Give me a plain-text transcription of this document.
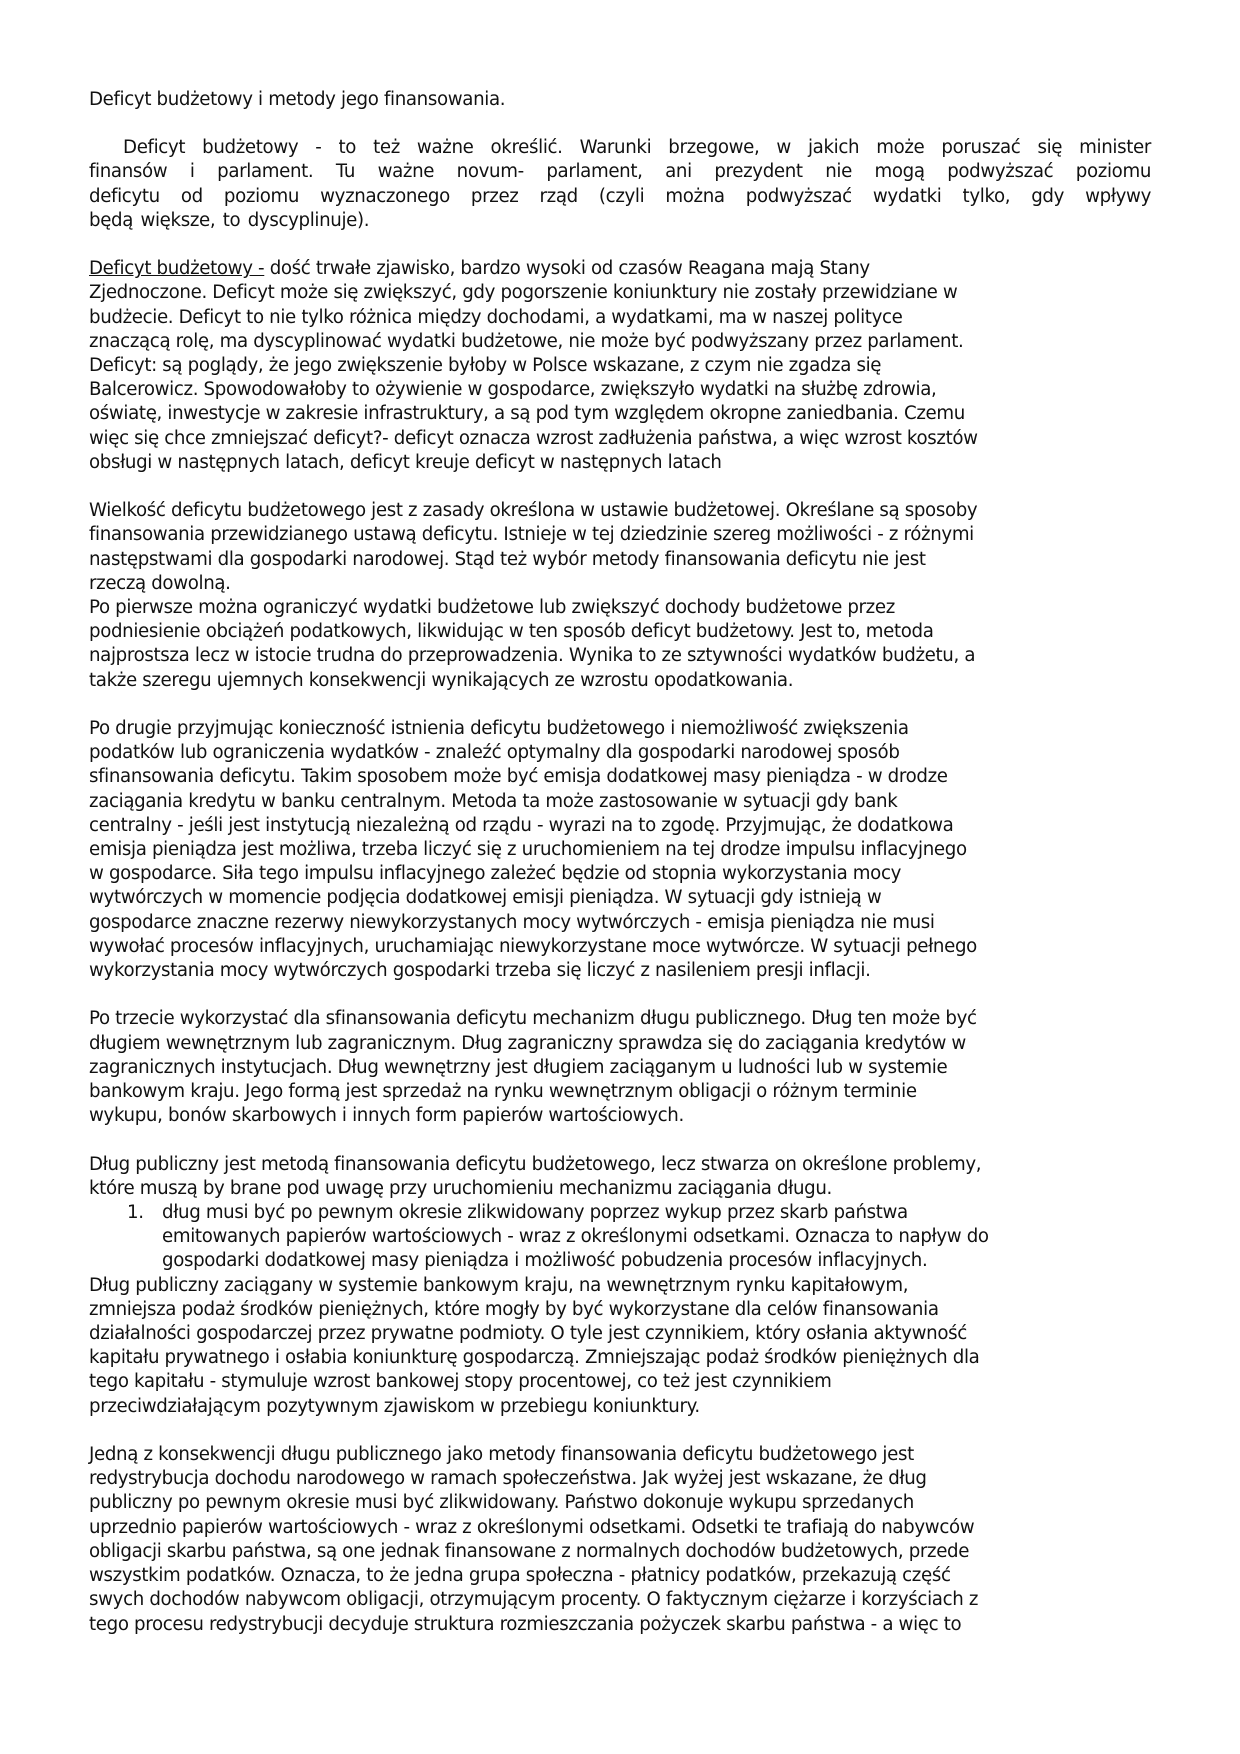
Deficyt budżetowy i metody jego finansowania.
Deficyt budżetowy - to też ważne określić. Warunki brzegowe, w jakich może poruszać się minister
finansów i parlament. Tu ważne novum- parlament, ani prezydent nie mogą podwyższać poziomu
deficytu od poziomu wyznaczonego przez rząd (czyli można podwyższać wydatki tylko, gdy wpływy
będą większe, to dyscyplinuje).
Deficyt budżetowy - dość trwałe zjawisko, bardzo wysoki od czasów Reagana mają Stany
Zjednoczone. Deficyt może się zwiększyć, gdy pogorszenie koniunktury nie zostały przewidziane w
budżecie. Deficyt to nie tylko różnica między dochodami, a wydatkami, ma w naszej polityce
znaczącą rolę, ma dyscyplinować wydatki budżetowe, nie może być podwyższany przez parlament.
Deficyt: są poglądy, że jego zwiększenie byłoby w Polsce wskazane, z czym nie zgadza się
Balcerowicz. Spowodowałoby to ożywienie w gospodarce, zwiększyło wydatki na służbę zdrowia,
oświatę, inwestycje w zakresie infrastruktury, a są pod tym względem okropne zaniedbania. Czemu
więc się chce zmniejszać deficyt?- deficyt oznacza wzrost zadłużenia państwa, a więc wzrost kosztów
obsługi w następnych latach, deficyt kreuje deficyt w następnych latach
Wielkość deficytu budżetowego jest z zasady określona w ustawie budżetowej. Określane są sposoby
finansowania przewidzianego ustawą deficytu. Istnieje w tej dziedzinie szereg możliwości - z różnymi
następstwami dla gospodarki narodowej. Stąd też wybór metody finansowania deficytu nie jest
rzeczą dowolną.
Po pierwsze można ograniczyć wydatki budżetowe lub zwiększyć dochody budżetowe przez
podniesienie obciążeń podatkowych, likwidując w ten sposób deficyt budżetowy. Jest to, metoda
najprostsza lecz w istocie trudna do przeprowadzenia. Wynika to ze sztywności wydatków budżetu, a
także szeregu ujemnych konsekwencji wynikających ze wzrostu opodatkowania.
Po drugie przyjmując konieczność istnienia deficytu budżetowego i niemożliwość zwiększenia
podatków lub ograniczenia wydatków - znaleźć optymalny dla gospodarki narodowej sposób
sfinansowania deficytu. Takim sposobem może być emisja dodatkowej masy pieniądza - w drodze
zaciągania kredytu w banku centralnym. Metoda ta może zastosowanie w sytuacji gdy bank
centralny - jeśli jest instytucją niezależną od rządu - wyrazi na to zgodę. Przyjmując, że dodatkowa
emisja pieniądza jest możliwa, trzeba liczyć się z uruchomieniem na tej drodze impulsu inflacyjnego
w gospodarce. Siła tego impulsu inflacyjnego zależeć będzie od stopnia wykorzystania mocy
wytwórczych w momencie podjęcia dodatkowej emisji pieniądza. W sytuacji gdy istnieją w
gospodarce znaczne rezerwy niewykorzystanych mocy wytwórczych - emisja pieniądza nie musi
wywołać procesów inflacyjnych, uruchamiając niewykorzystane moce wytwórcze. W sytuacji pełnego
wykorzystania mocy wytwórczych gospodarki trzeba się liczyć z nasileniem presji inflacji.
Po trzecie wykorzystać dla sfinansowania deficytu mechanizm długu publicznego. Dług ten może być
długiem wewnętrznym lub zagranicznym. Dług zagraniczny sprawdza się do zaciągania kredytów w
zagranicznych instytucjach. Dług wewnętrzny jest długiem zaciąganym u ludności lub w systemie
bankowym kraju. Jego formą jest sprzedaż na rynku wewnętrznym obligacji o różnym terminie
wykupu, bonów skarbowych i innych form papierów wartościowych.
Dług publiczny jest metodą finansowania deficytu budżetowego, lecz stwarza on określone problemy,
które muszą by brane pod uwagę przy uruchomieniu mechanizmu zaciągania długu.
1. dług musi być po pewnym okresie zlikwidowany poprzez wykup przez skarb państwa
emitowanych papierów wartościowych - wraz z określonymi odsetkami. Oznacza to napływ do
gospodarki dodatkowej masy pieniądza i możliwość pobudzenia procesów inflacyjnych.
Dług publiczny zaciągany w systemie bankowym kraju, na wewnętrznym rynku kapitałowym,
zmniejsza podaż środków pieniężnych, które mogły by być wykorzystane dla celów finansowania
działalności gospodarczej przez prywatne podmioty. O tyle jest czynnikiem, który osłania aktywność
kapitału prywatnego i osłabia koniunkturę gospodarczą. Zmniejszając podaż środków pieniężnych dla
tego kapitału - stymuluje wzrost bankowej stopy procentowej, co też jest czynnikiem
przeciwdziałającym pozytywnym zjawiskom w przebiegu koniunktury.
Jedną z konsekwencji długu publicznego jako metody finansowania deficytu budżetowego jest
redystrybucja dochodu narodowego w ramach społeczeństwa. Jak wyżej jest wskazane, że dług
publiczny po pewnym okresie musi być zlikwidowany. Państwo dokonuje wykupu sprzedanych
uprzednio papierów wartościowych - wraz z określonymi odsetkami. Odsetki te trafiają do nabywców
obligacji skarbu państwa, są one jednak finansowane z normalnych dochodów budżetowych, przede
wszystkim podatków. Oznacza, to że jedna grupa społeczna - płatnicy podatków, przekazują część
swych dochodów nabywcom obligacji, otrzymującym procenty. O faktycznym ciężarze i korzyściach z
tego procesu redystrybucji decyduje struktura rozmieszczania pożyczek skarbu państwa - a więc to
